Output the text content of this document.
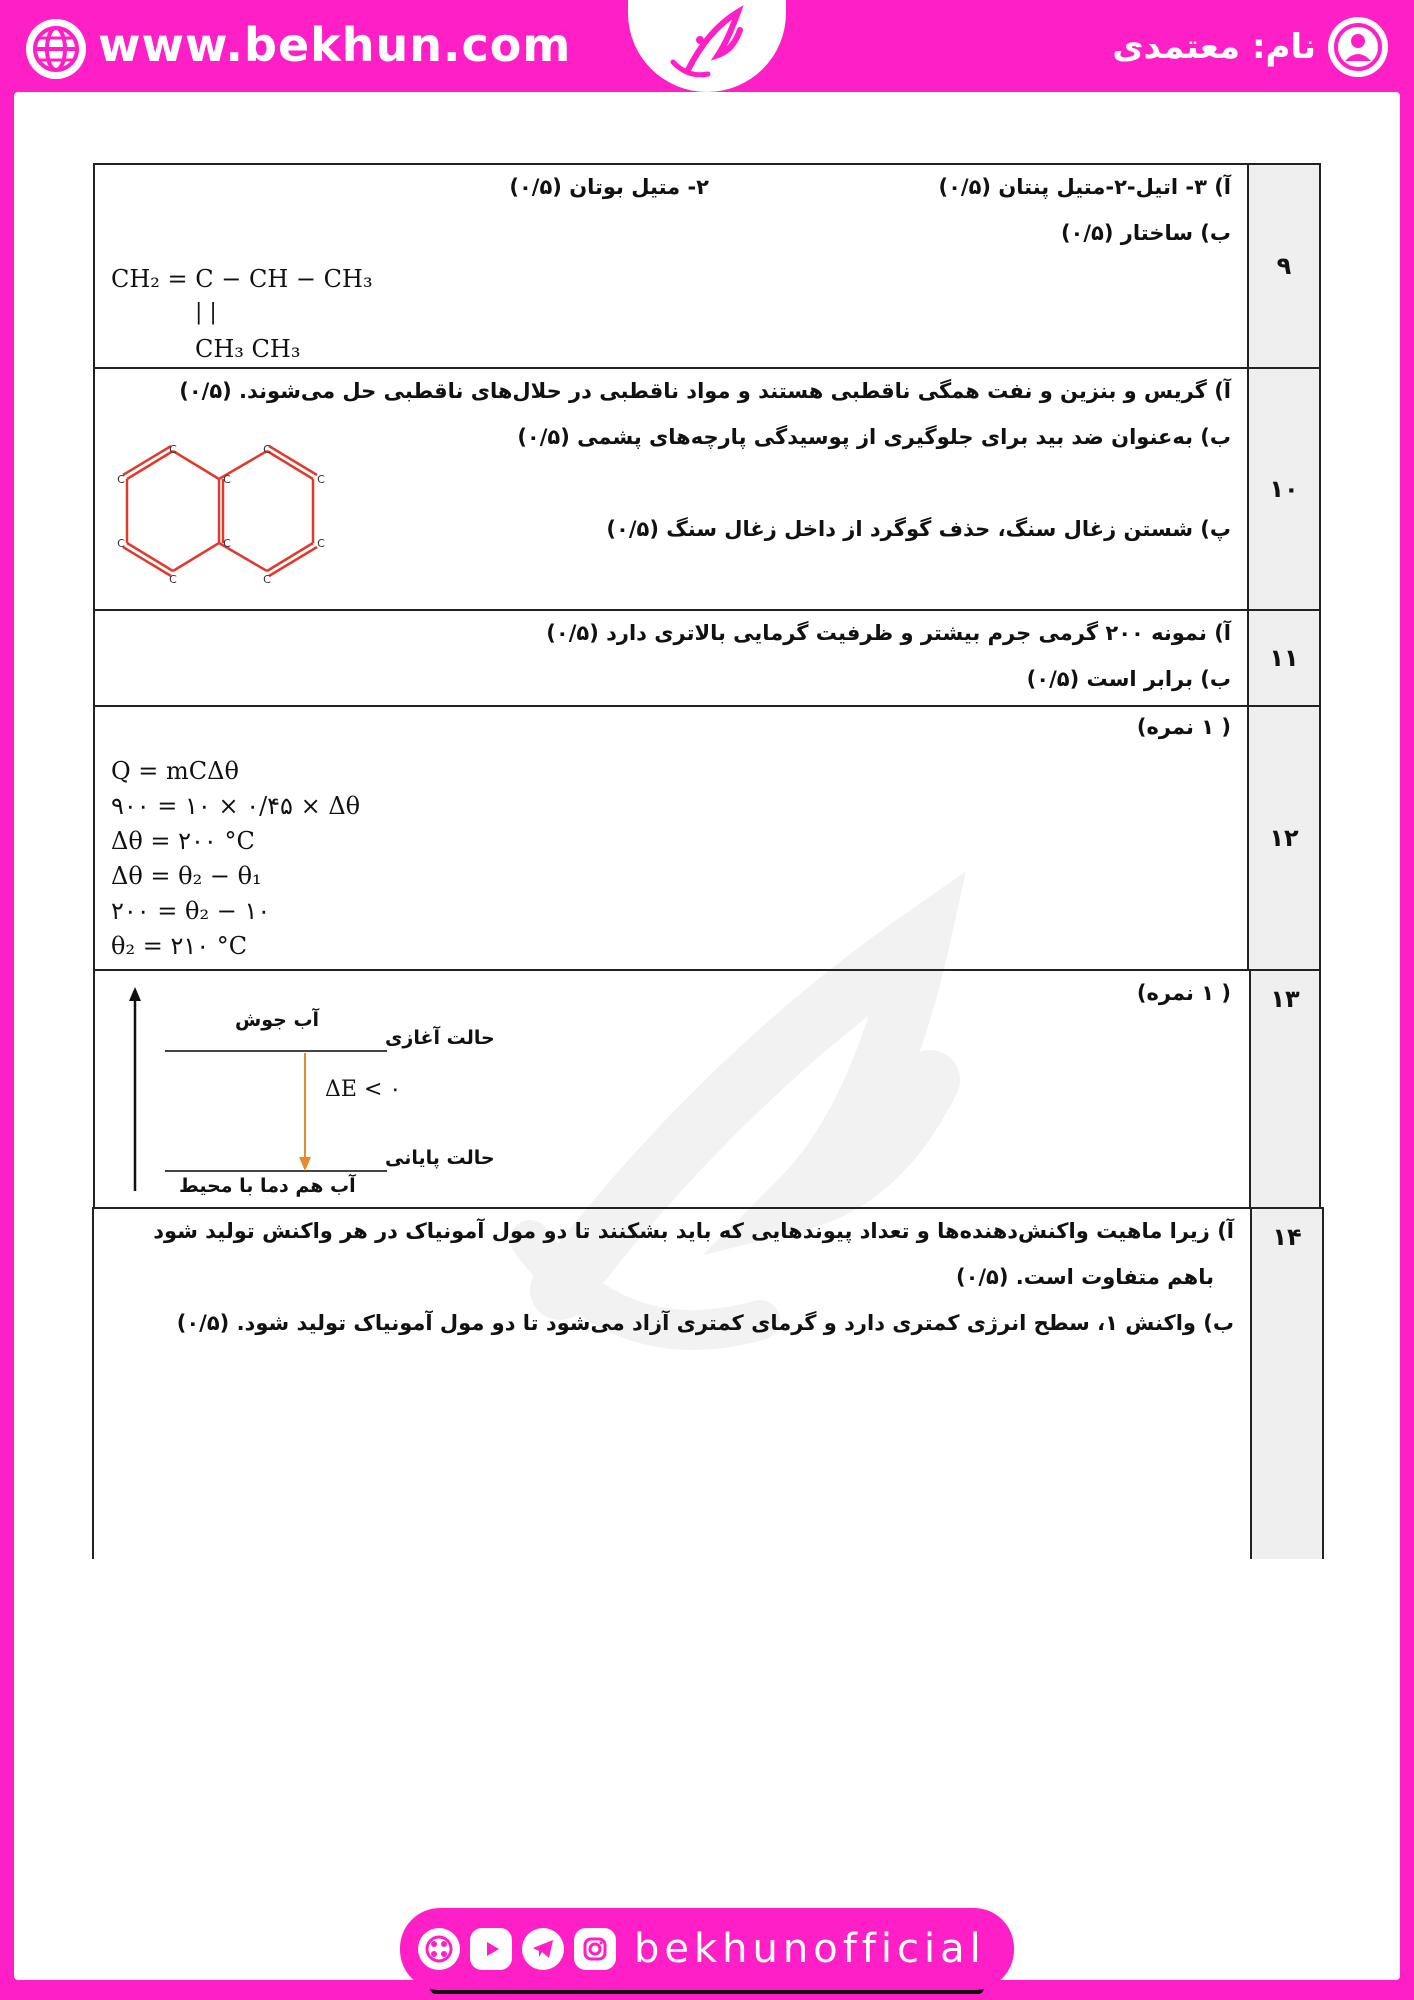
www.bekhun.com	نام: معتمدی
۹
آ) ۳- اتیل-۲-متیل پنتان (۰/۵)
۲- متیل بوتان (۰/۵)
ب) ساختار (۰/۵)
CH₂ = C − CH − CH₃
| |
CH₃ CH₃
۱۰
آ) گریس و بنزین و نفت همگی ناقطبی هستند و مواد ناقطبی در حلال‌های ناقطبی حل می‌شوند. (۰/۵)
ب) به‌عنوان ضد بید برای جلوگیری از پوسیدگی پارچه‌های پشمی (۰/۵)
پ) شستن زغال سنگ، حذف گوگرد از داخل زغال سنگ (۰/۵)
C
C
C
C
C
C
C
C
C
C
۱۱
آ) نمونه ۲۰۰ گرمی جرم بیشتر و ظرفیت گرمایی بالاتری دارد (۰/۵)
ب) برابر است (۰/۵)
۱۲
( ۱ نمره)
Q = mCΔθ
۹۰۰ = ۱۰ × ۰/۴۵ × Δθ
Δθ = ۲۰۰ °C
Δθ = θ₂ − θ₁
۲۰۰ = θ₂ − ۱۰
θ₂ = ۲۱۰ °C
۱۳
( ۱ نمره)
آب جوش
حالت آغازی
ΔE < ۰
حالت پایانی
آب هم دما با محیط
۱۴
آ) زیرا ماهیت واکنش‌دهنده‌ها و تعداد پیوندهایی که باید بشکنند تا دو مول آمونیاک در هر واکنش تولید شود
باهم متفاوت است. (۰/۵)
ب) واکنش ۱، سطح انرژی کمتری دارد و گرمای کمتری آزاد می‌شود تا دو مول آمونیاک تولید شود. (۰/۵)
bekhunofficial
